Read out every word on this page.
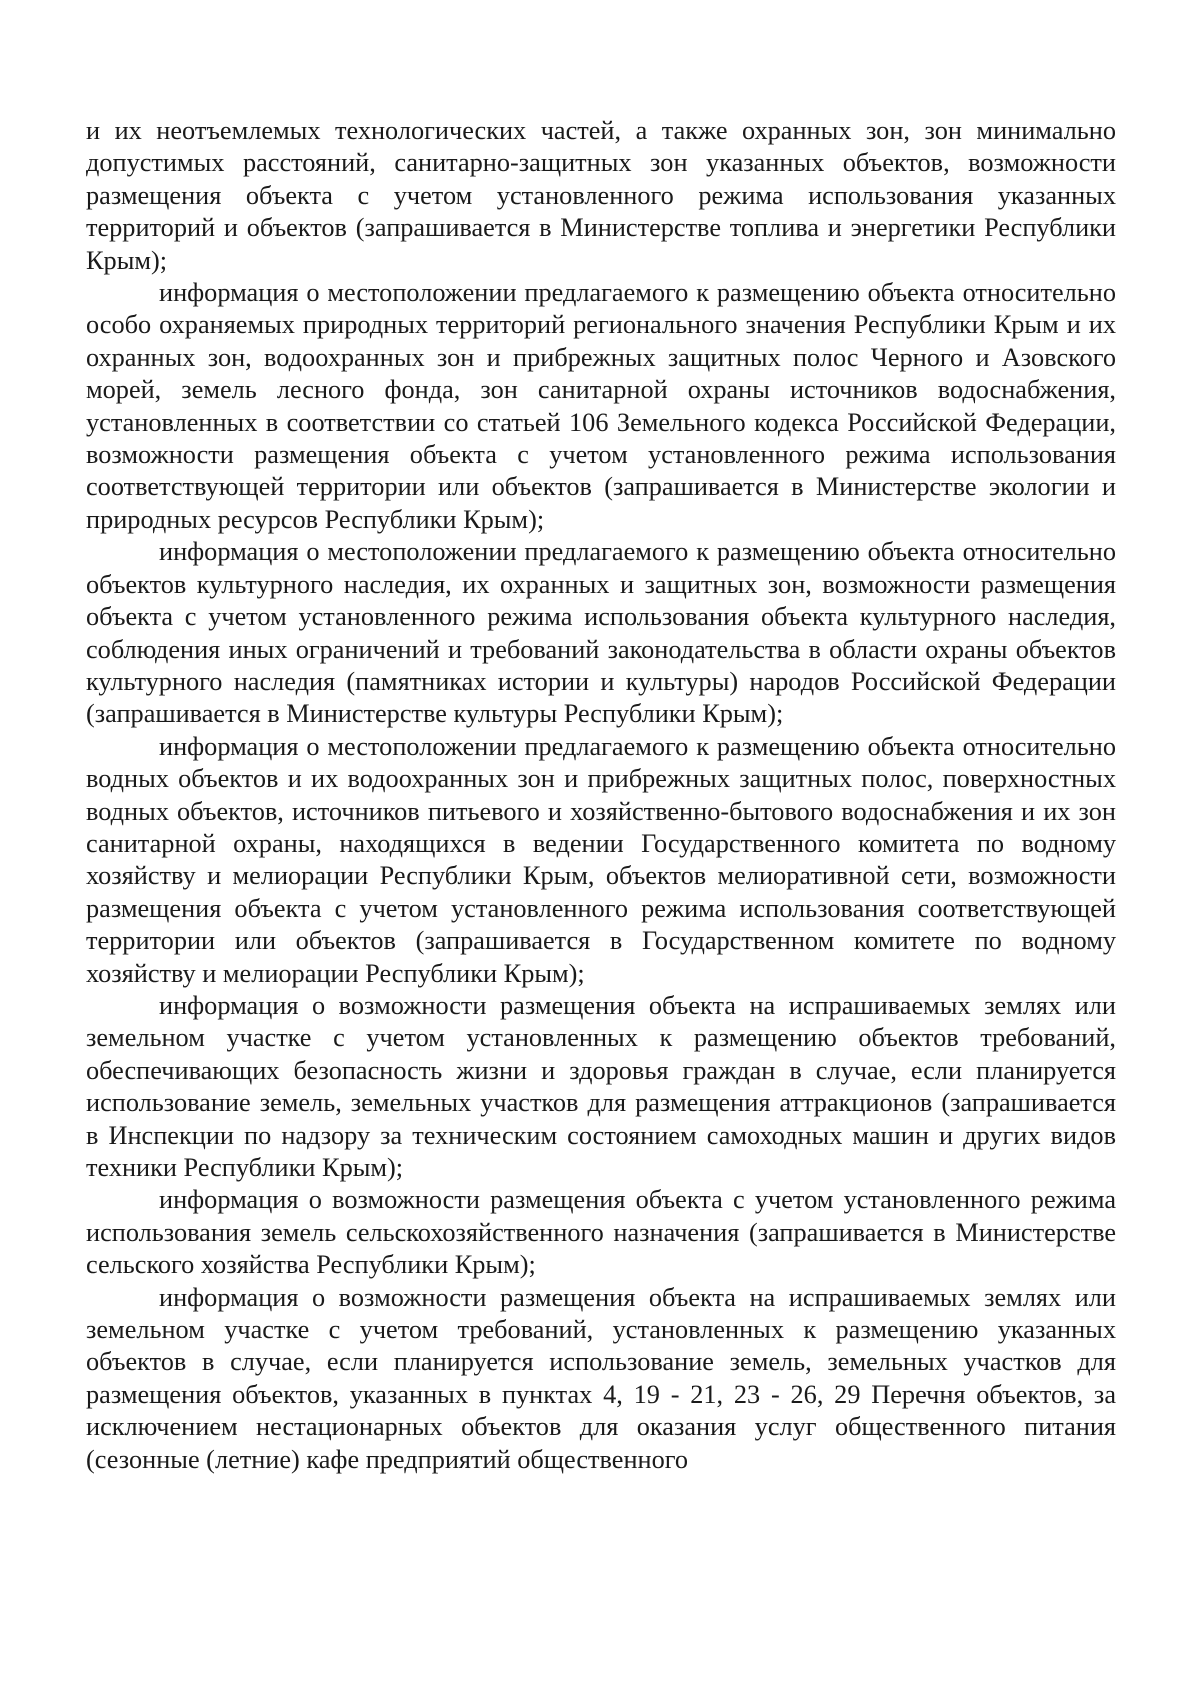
и их неотъемлемых технологических частей, а также охранных зон, зон минимально допустимых расстояний, санитарно-защитных зон указанных объектов, возможности размещения объекта с учетом установленного режима использования указанных территорий и объектов (запрашивается в Министерстве топлива и энергетики Республики Крым);

информация о местоположении предлагаемого к размещению объекта относительно особо охраняемых природных территорий регионального значения Республики Крым и их охранных зон, водоохранных зон и прибрежных защитных полос Черного и Азовского морей, земель лесного фонда, зон санитарной охраны источников водоснабжения, установленных в соответствии со статьей 106 Земельного кодекса Российской Федерации, возможности размещения объекта с учетом установленного режима использования соответствующей территории или объектов (запрашивается в Министерстве экологии и природных ресурсов Республики Крым);

информация о местоположении предлагаемого к размещению объекта относительно объектов культурного наследия, их охранных и защитных зон, возможности размещения объекта с учетом установленного режима использования объекта культурного наследия, соблюдения иных ограничений и требований законодательства в области охраны объектов культурного наследия (памятниках истории и культуры) народов Российской Федерации (запрашивается в Министерстве культуры Республики Крым);

информация о местоположении предлагаемого к размещению объекта относительно водных объектов и их водоохранных зон и прибрежных защитных полос, поверхностных водных объектов, источников питьевого и хозяйственно-бытового водоснабжения и их зон санитарной охраны, находящихся в ведении Государственного комитета по водному хозяйству и мелиорации Республики Крым, объектов мелиоративной сети, возможности размещения объекта с учетом установленного режима использования соответствующей территории или объектов (запрашивается в Государственном комитете по водному хозяйству и мелиорации Республики Крым);

информация о возможности размещения объекта на испрашиваемых землях или земельном участке с учетом установленных к размещению объектов требований, обеспечивающих безопасность жизни и здоровья граждан в случае, если планируется использование земель, земельных участков для размещения аттракционов (запрашивается в Инспекции по надзору за техническим состоянием самоходных машин и других видов техники Республики Крым);

информация о возможности размещения объекта с учетом установленного режима использования земель сельскохозяйственного назначения (запрашивается в Министерстве сельского хозяйства Республики Крым);

информация о возможности размещения объекта на испрашиваемых землях или земельном участке с учетом требований, установленных к размещению указанных объектов в случае, если планируется использование земель, земельных участков для размещения объектов, указанных в пунктах 4, 19 - 21, 23 - 26, 29 Перечня объектов, за исключением нестационарных объектов для оказания услуг общественного питания (сезонные (летние) кафе предприятий общественного
